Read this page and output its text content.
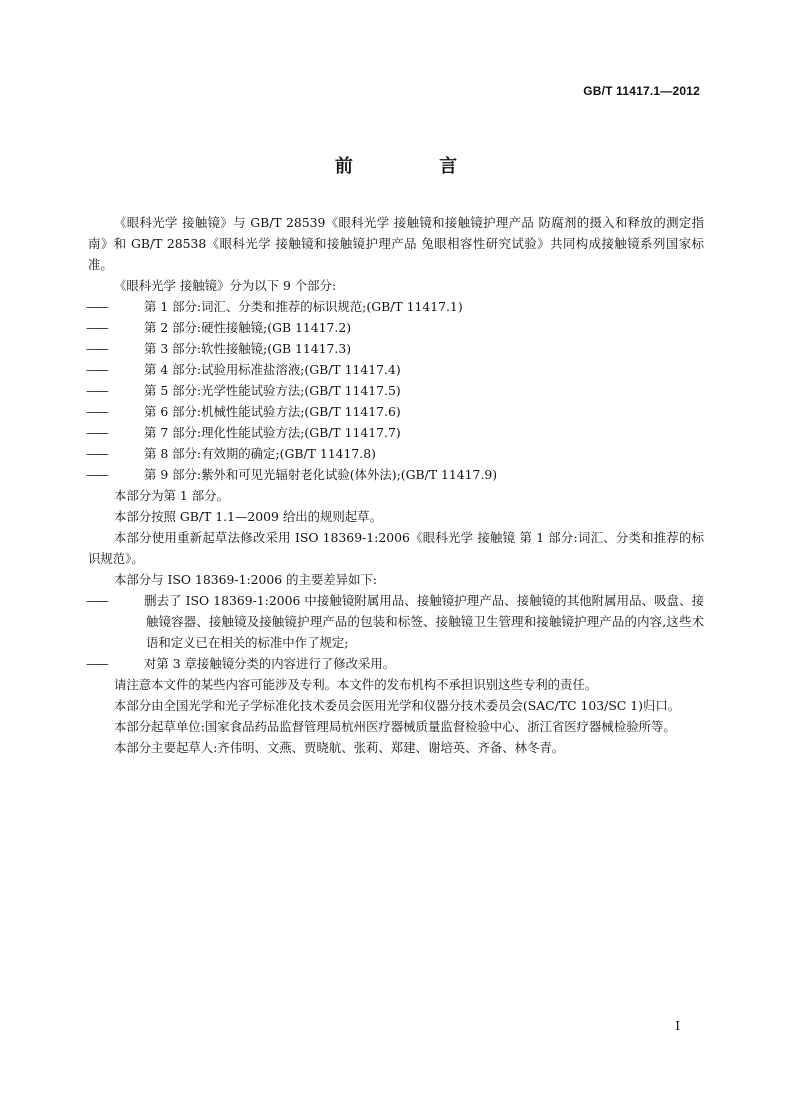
GB/T 11417.1—2012
前 言

《眼科光学 接触镜》与 GB/T 28539《眼科光学 接触镜和接触镜护理产品 防腐剂的摄入和释放的测定指南》和 GB/T 28538《眼科光学 接触镜和接触镜护理产品 兔眼相容性研究试验》共同构成接触镜系列国家标准。

《眼科光学 接触镜》分为以下 9 个部分:

——	第 1 部分:词汇、分类和推荐的标识规范;(GB/T 11417.1)

——	第 2 部分:硬性接触镜;(GB 11417.2)

——	第 3 部分:软性接触镜;(GB 11417.3)

——	第 4 部分:试验用标准盐溶液;(GB/T 11417.4)

——	第 5 部分:光学性能试验方法;(GB/T 11417.5)

——	第 6 部分:机械性能试验方法;(GB/T 11417.6)

——	第 7 部分:理化性能试验方法;(GB/T 11417.7)

——	第 8 部分:有效期的确定;(GB/T 11417.8)

——	第 9 部分:紫外和可见光辐射老化试验(体外法);(GB/T 11417.9)

本部分为第 1 部分。

本部分按照 GB/T 1.1—2009 给出的规则起草。

本部分使用重新起草法修改采用 ISO 18369-1:2006《眼科光学 接触镜 第 1 部分:词汇、分类和推荐的标识规范》。

本部分与 ISO 18369-1:2006 的主要差异如下:

——	删去了 ISO 18369-1:2006 中接触镜附属用品、接触镜护理产品、接触镜的其他附属用品、吸盘、接触镜容器、接触镜及接触镜护理产品的包装和标签、接触镜卫生管理和接触镜护理产品的内容,这些术语和定义已在相关的标准中作了规定;

——	对第 3 章接触镜分类的内容进行了修改采用。

请注意本文件的某些内容可能涉及专利。本文件的发布机构不承担识别这些专利的责任。

本部分由全国光学和光子学标准化技术委员会医用光学和仪器分技术委员会(SAC/TC 103/SC 1)归口。

本部分起草单位:国家食品药品监督管理局杭州医疗器械质量监督检验中心、浙江省医疗器械检验所等。

本部分主要起草人:齐伟明、文燕、贾晓航、张莉、郑建、谢培英、齐备、林冬青。

I
